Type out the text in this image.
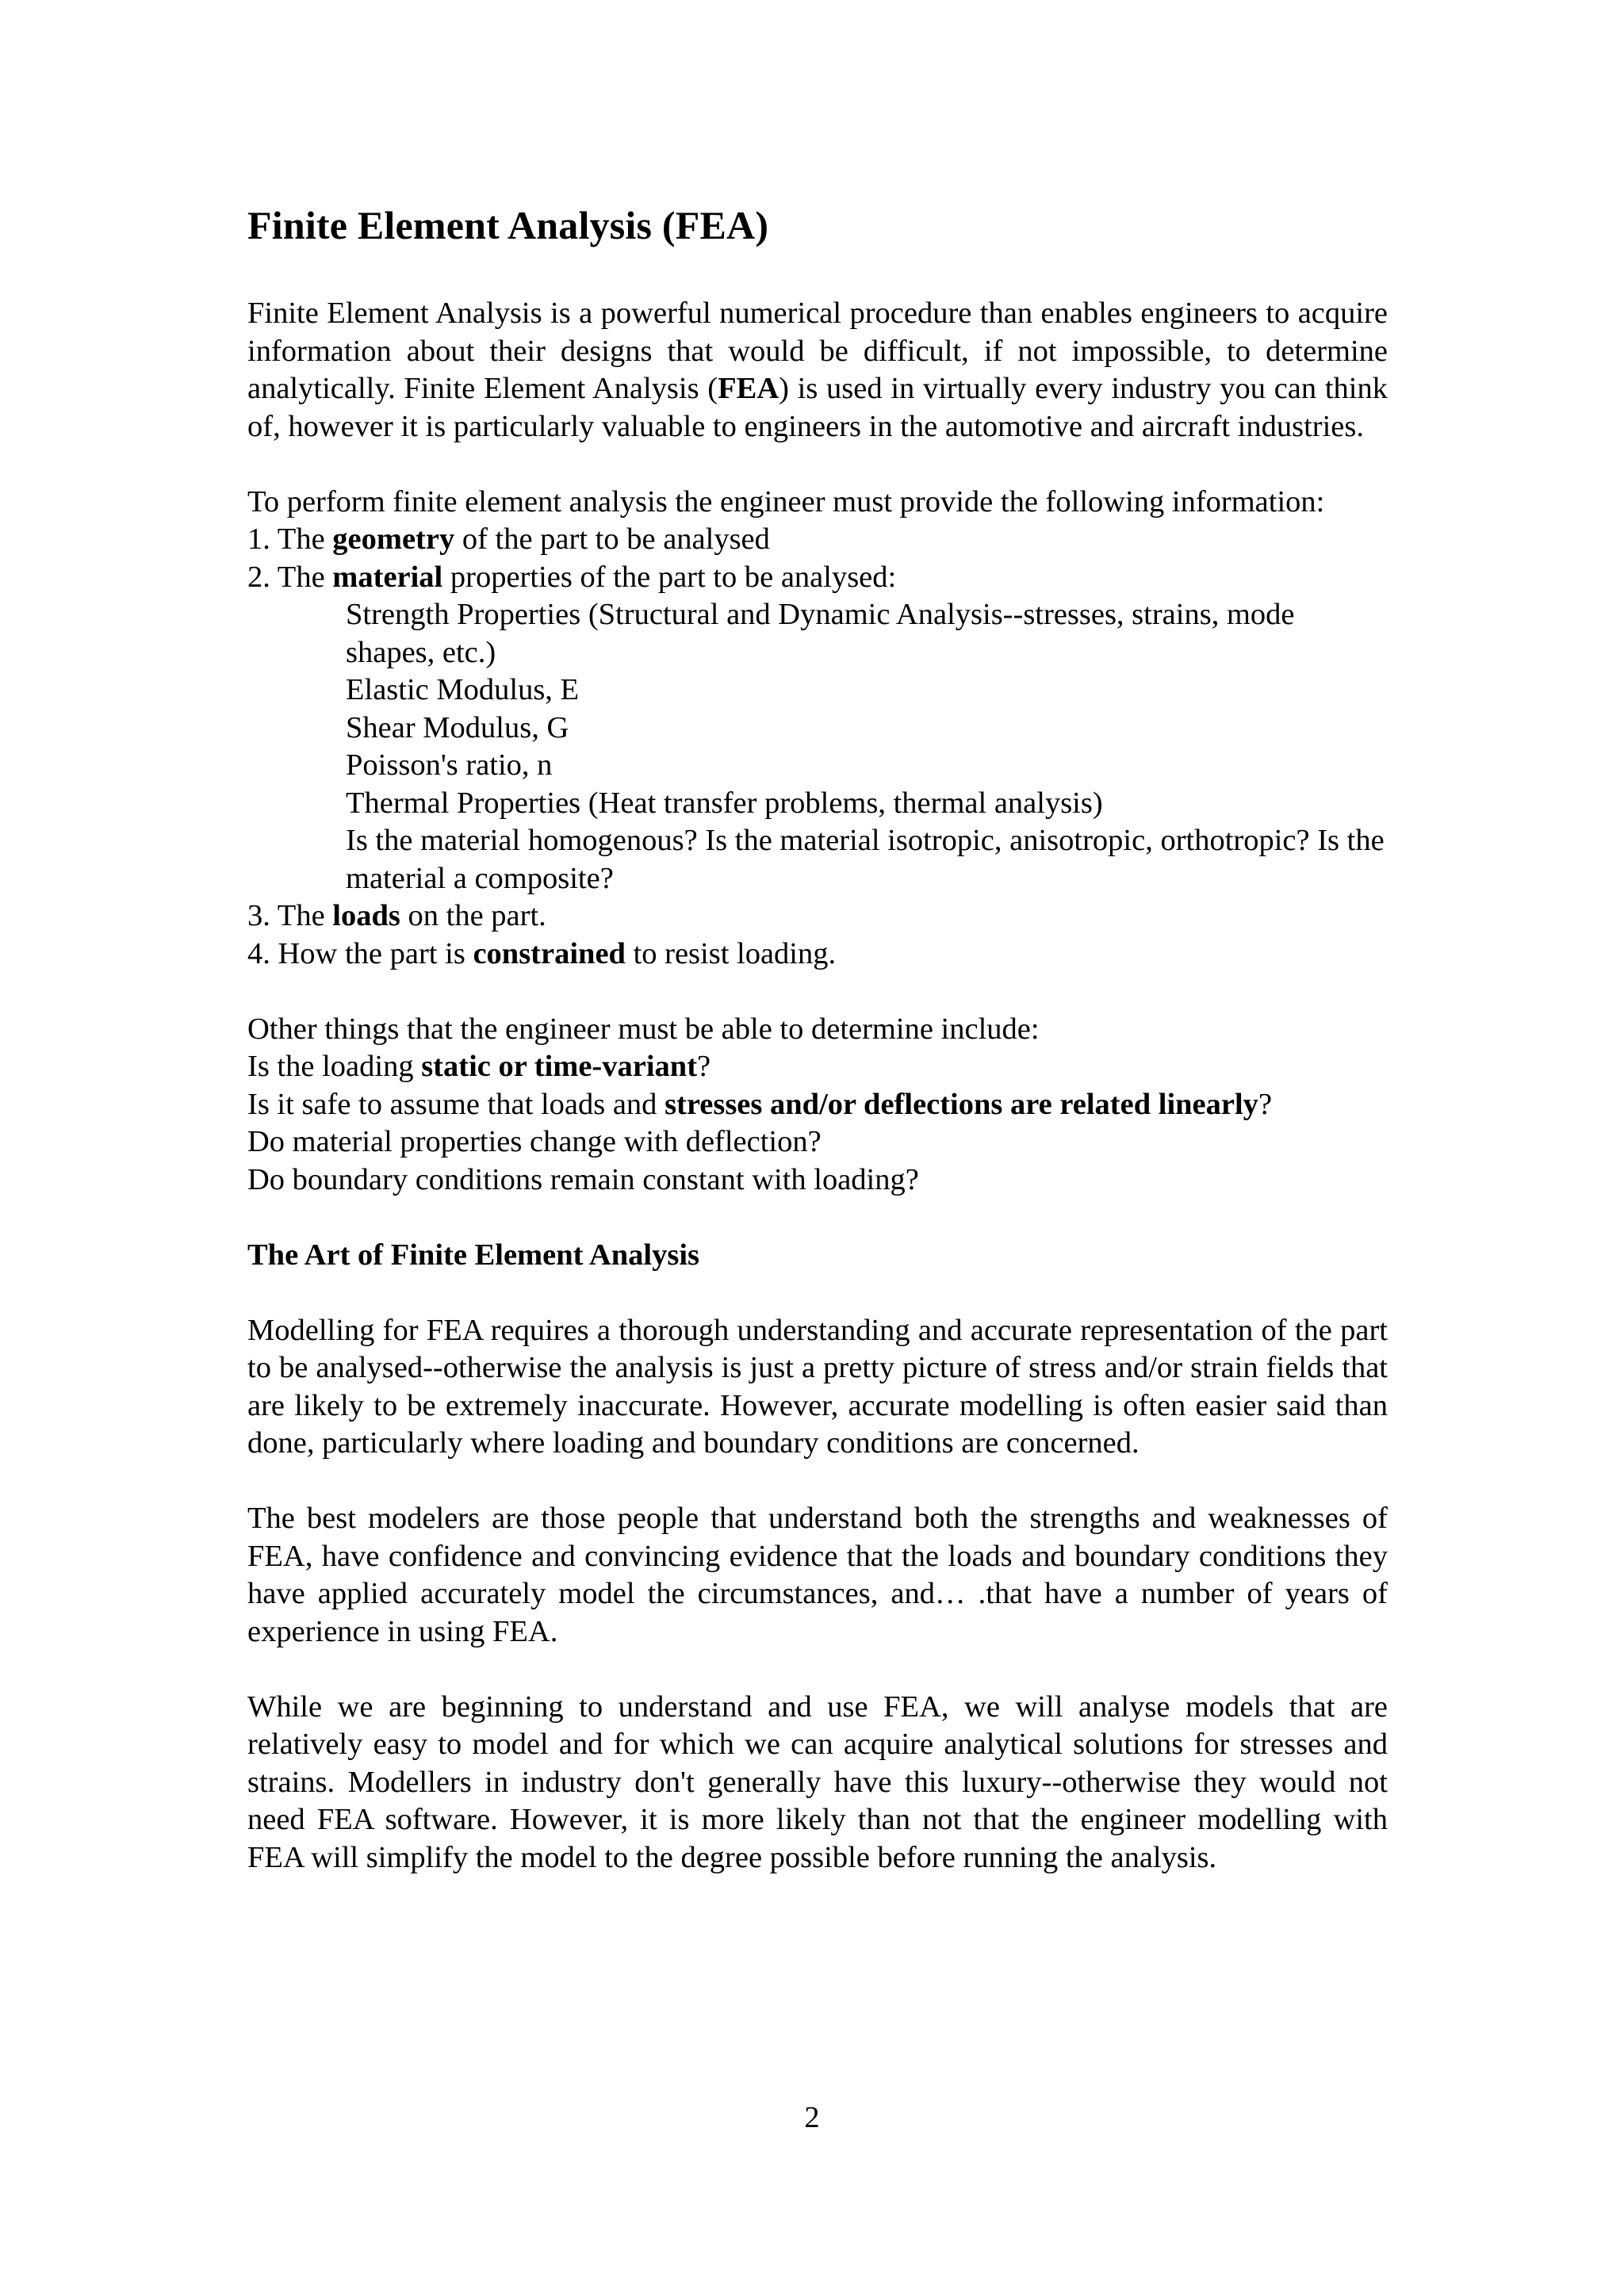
Finite Element Analysis (FEA)

Finite Element Analysis is a powerful numerical procedure than enables engineers to acquire information about their designs that would be difficult, if not impossible, to determine analytically. Finite Element Analysis (FEA) is used in virtually every industry you can think of, however it is particularly valuable to engineers in the automotive and aircraft industries.

To perform finite element analysis the engineer must provide the following information:

1. The geometry of the part to be analysed
2. The material properties of the part to be analysed:
Strength Properties (Structural and Dynamic Analysis--stresses, strains, mode shapes, etc.)
Elastic Modulus, E
Shear Modulus, G
Poisson's ratio, n
Thermal Properties (Heat transfer problems, thermal analysis)
Is the material homogenous? Is the material isotropic, anisotropic, orthotropic? Is the material a composite?
3. The loads on the part.
4. How the part is constrained to resist loading.
Other things that the engineer must be able to determine include:
Is the loading static or time-variant?
Is it safe to assume that loads and stresses and/or deflections are related linearly?
Do material properties change with deflection?
Do boundary conditions remain constant with loading?
The Art of Finite Element Analysis

Modelling for FEA requires a thorough understanding and accurate representation of the part to be analysed--otherwise the analysis is just a pretty picture of stress and/or strain fields that are likely to be extremely inaccurate. However, accurate modelling is often easier said than done, particularly where loading and boundary conditions are concerned.

The best modelers are those people that understand both the strengths and weaknesses of FEA, have confidence and convincing evidence that the loads and boundary conditions they have applied accurately model the circumstances, and… .that have a number of years of experience in using FEA.

While we are beginning to understand and use FEA, we will analyse models that are relatively easy to model and for which we can acquire analytical solutions for stresses and strains. Modellers in industry don't generally have this luxury--otherwise they would not need FEA software. However, it is more likely than not that the engineer modelling with FEA will simplify the model to the degree possible before running the analysis.

2
